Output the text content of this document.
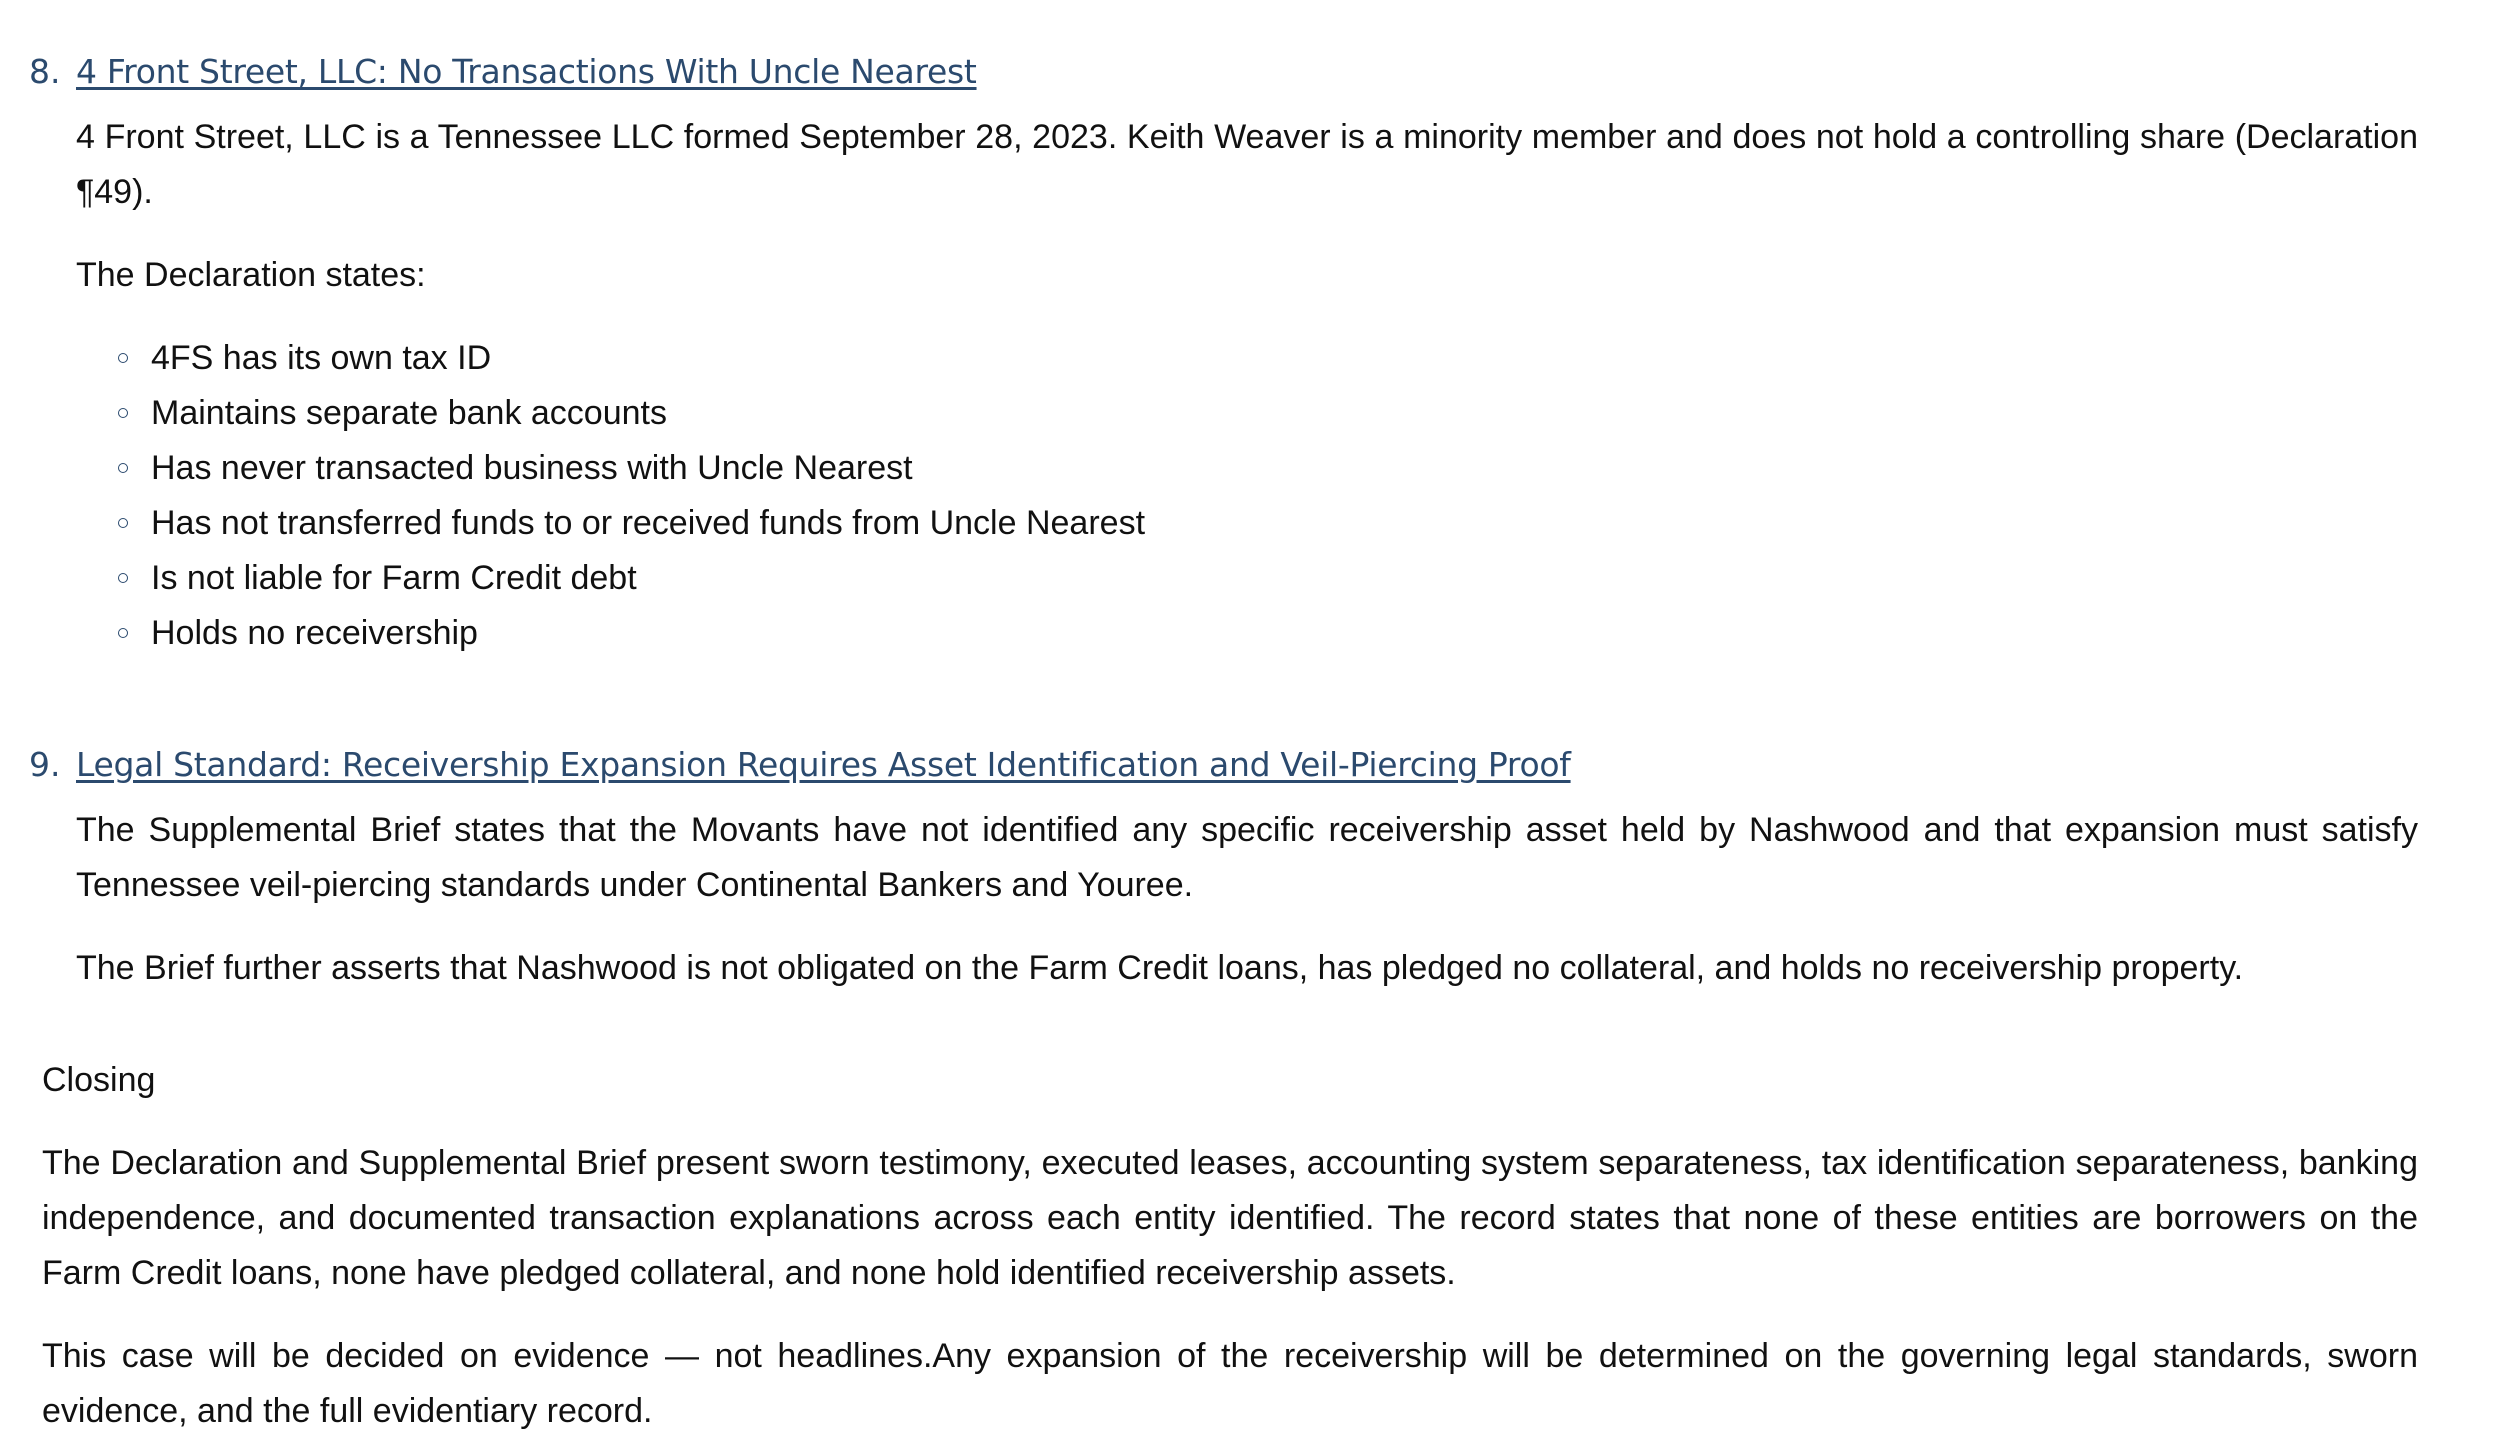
8. 4 Front Street, LLC: No Transactions With Uncle Nearest

4 Front Street, LLC is a Tennessee LLC formed September 28, 2023. Keith Weaver is a minority member and does not hold a controlling share (Declaration ¶49).

The Declaration states:

4FS has its own tax ID
Maintains separate bank accounts
Has never transacted business with Uncle Nearest
Has not transferred funds to or received funds from Uncle Nearest
Is not liable for Farm Credit debt
Holds no receivership
9. Legal Standard: Receivership Expansion Requires Asset Identification and Veil-Piercing Proof

The Supplemental Brief states that the Movants have not identified any specific receivership asset held by Nashwood and that expansion must satisfy Tennessee veil-piercing standards under Continental Bankers and Youree.

The Brief further asserts that Nashwood is not obligated on the Farm Credit loans, has pledged no collateral, and holds no receivership property.

Closing

The Declaration and Supplemental Brief present sworn testimony, executed leases, accounting system separateness, tax identification separateness, banking independence, and documented transaction explanations across each entity identified. The record states that none of these entities are borrowers on the Farm Credit loans, none have pledged collateral, and none hold identified receivership assets.

This case will be decided on evidence — not headlines.Any expansion of the receivership will be determined on the governing legal standards, sworn evidence, and the full evidentiary record.
